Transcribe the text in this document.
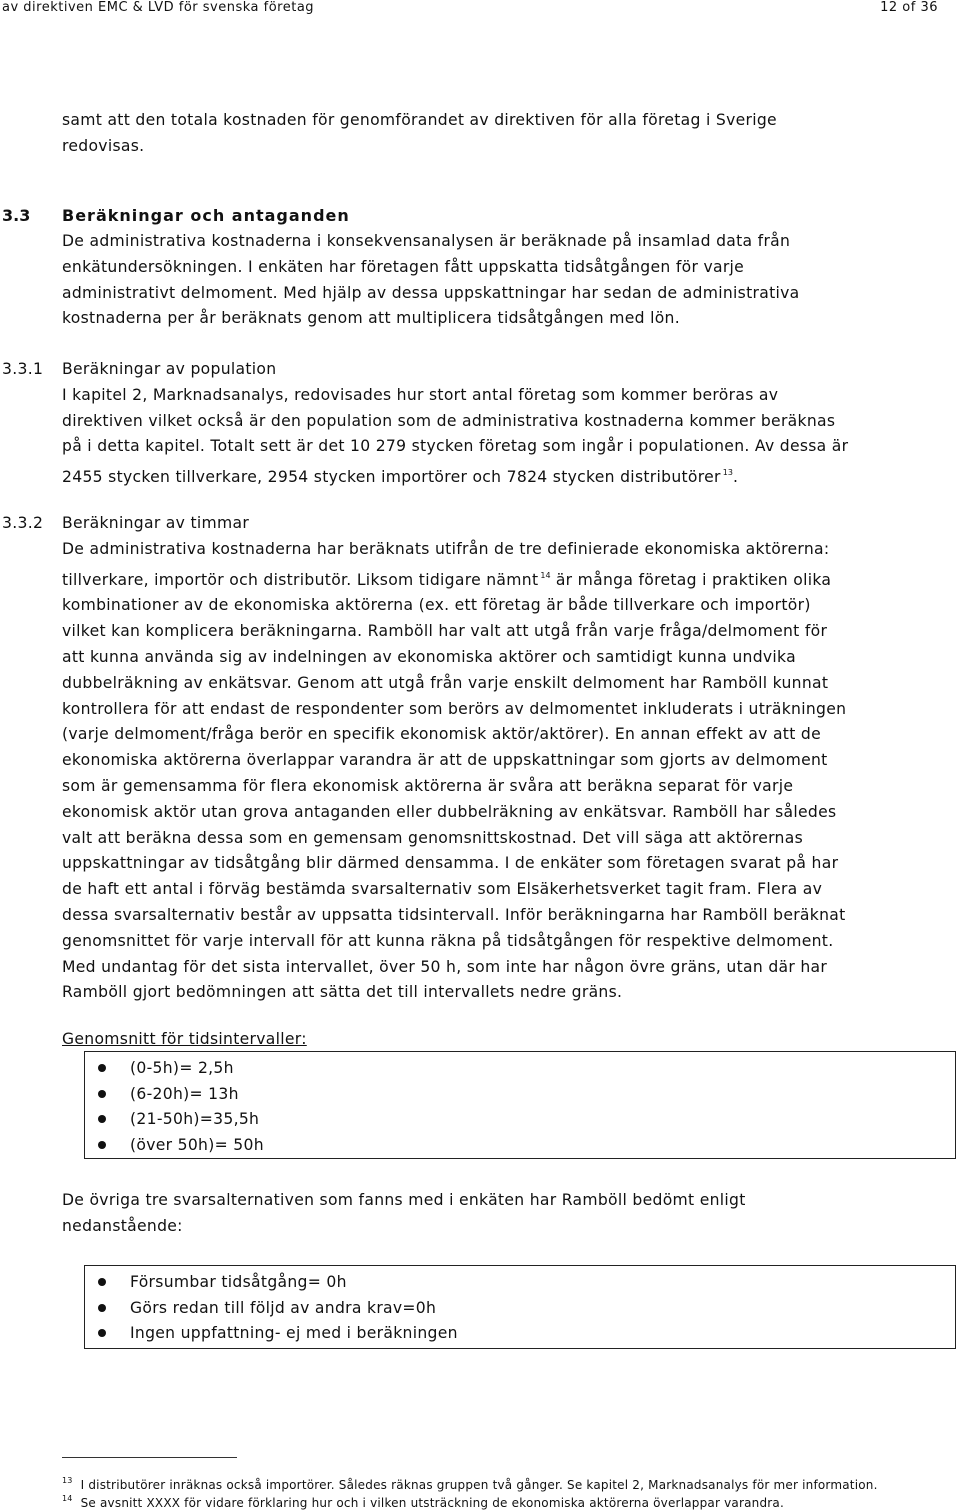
av direktiven EMC & LVD för svenska företag	12 of 36
samt att den totala kostnaden för genomförandet av direktiven för alla företag i Sverige
redovisas.
3.3 Beräkningar och antaganden
De administrativa kostnaderna i konsekvensanalysen är beräknade på insamlad data från
enkätundersökningen. I enkäten har företagen fått uppskatta tidsåtgången för varje
administrativt delmoment. Med hjälp av dessa uppskattningar har sedan de administrativa
kostnaderna per år beräknats genom att multiplicera tidsåtgången med lön.
3.3.1 Beräkningar av population
I kapitel 2, Marknadsanalys, redovisades hur stort antal företag som kommer beröras av
direktiven vilket också är den population som de administrativa kostnaderna kommer beräknas
på i detta kapitel. Totalt sett är det 10 279 stycken företag som ingår i populationen. Av dessa är
2455 stycken tillverkare, 2954 stycken importörer och 7824 stycken distributörer $^{13}$.
3.3.2 Beräkningar av timmar
De administrativa kostnaderna har beräknats utifrån de tre definierade ekonomiska aktörerna:
tillverkare, importör och distributör. Liksom tidigare nämnt $^{14}$ är många företag i praktiken olika
kombinationer av de ekonomiska aktörerna (ex. ett företag är både tillverkare och importör)
vilket kan komplicera beräkningarna. Ramböll har valt att utgå från varje fråga/delmoment för
att kunna använda sig av indelningen av ekonomiska aktörer och samtidigt kunna undvika
dubbelräkning av enkätsvar. Genom att utgå från varje enskilt delmoment har Ramböll kunnat
kontrollera för att endast de respondenter som berörs av delmomentet inkluderats i uträkningen
(varje delmoment/fråga berör en specifik ekonomisk aktör/aktörer). En annan effekt av att de
ekonomiska aktörerna överlappar varandra är att de uppskattningar som gjorts av delmoment
som är gemensamma för flera ekonomisk aktörerna är svåra att beräkna separat för varje
ekonomisk aktör utan grova antaganden eller dubbelräkning av enkätsvar. Ramböll har således
valt att beräkna dessa som en gemensam genomsnittskostnad. Det vill säga att aktörernas
uppskattningar av tidsåtgång blir därmed densamma. I de enkäter som företagen svarat på har
de haft ett antal i förväg bestämda svarsalternativ som Elsäkerhetsverket tagit fram. Flera av
dessa svarsalternativ består av uppsatta tidsintervall. Inför beräkningarna har Ramböll beräknat
genomsnittet för varje intervall för att kunna räkna på tidsåtgången för respektive delmoment.
Med undantag för det sista intervallet, över 50 h, som inte har någon övre gräns, utan där har
Ramböll gjort bedömningen att sätta det till intervallets nedre gräns.
Genomsnitt för tidsintervaller:
(0-5h)= 2,5h
(6-20h)= 13h
(21-50h)=35,5h
(över 50h)= 50h
De övriga tre svarsalternativen som fanns med i enkäten har Ramböll bedömt enligt
nedanstående:
Försumbar tidsåtgång= 0h
Görs redan till följd av andra krav=0h
Ingen uppfattning- ej med i beräkningen
$^{13}$ I distributörer inräknas också importörer. Således räknas gruppen två gånger. Se kapitel 2, Marknadsanalys för mer information.
$^{14}$ Se avsnitt XXXX för vidare förklaring hur och i vilken utsträckning de ekonomiska aktörerna överlappar varandra.
